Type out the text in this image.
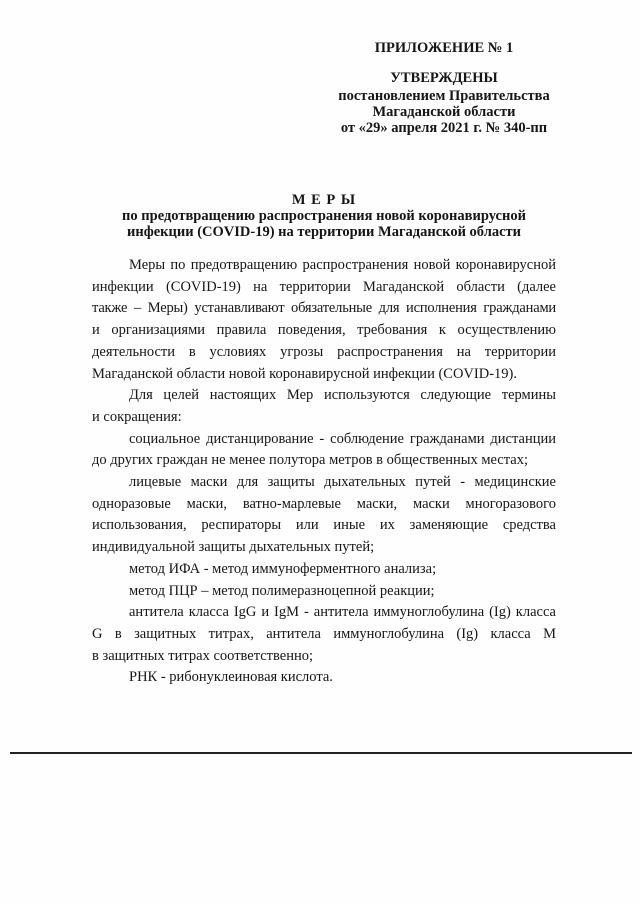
ПРИЛОЖЕНИЕ № 1
УТВЕРЖДЕНЫ
постановлением Правительства
Магаданской области
от «29» апреля 2021 г. № 340-пп
М Е Р Ы
по предотвращению распространения новой коронавирусной
инфекции (COVID-19) на территории Магаданской области
Меры по предотвращению распространения новой коронавирусной
инфекции (COVID-19) на территории Магаданской области (далее
также – Меры) устанавливают обязательные для исполнения гражданами
и организациями правила поведения, требования к осуществлению
деятельности в условиях угрозы распространения на территории
Магаданской области новой коронавирусной инфекции (COVID-19).
Для целей настоящих Мер используются следующие термины
и сокращения:
социальное дистанцирование - соблюдение гражданами дистанции
до других граждан не менее полутора метров в общественных местах;
лицевые маски для защиты дыхательных путей - медицинские
одноразовые маски, ватно-марлевые маски, маски многоразового
использования, респираторы или иные их заменяющие средства
индивидуальной защиты дыхательных путей;
метод ИФА - метод иммуноферментного анализа;
метод ПЦР – метод полимеразноцепной реакции;
антитела класса IgG и IgM - антитела иммуноглобулина (Ig) класса
G в защитных титрах, антитела иммуноглобулина (Ig) класса M
в защитных титрах соответственно;
РНК - рибонуклеиновая кислота.
